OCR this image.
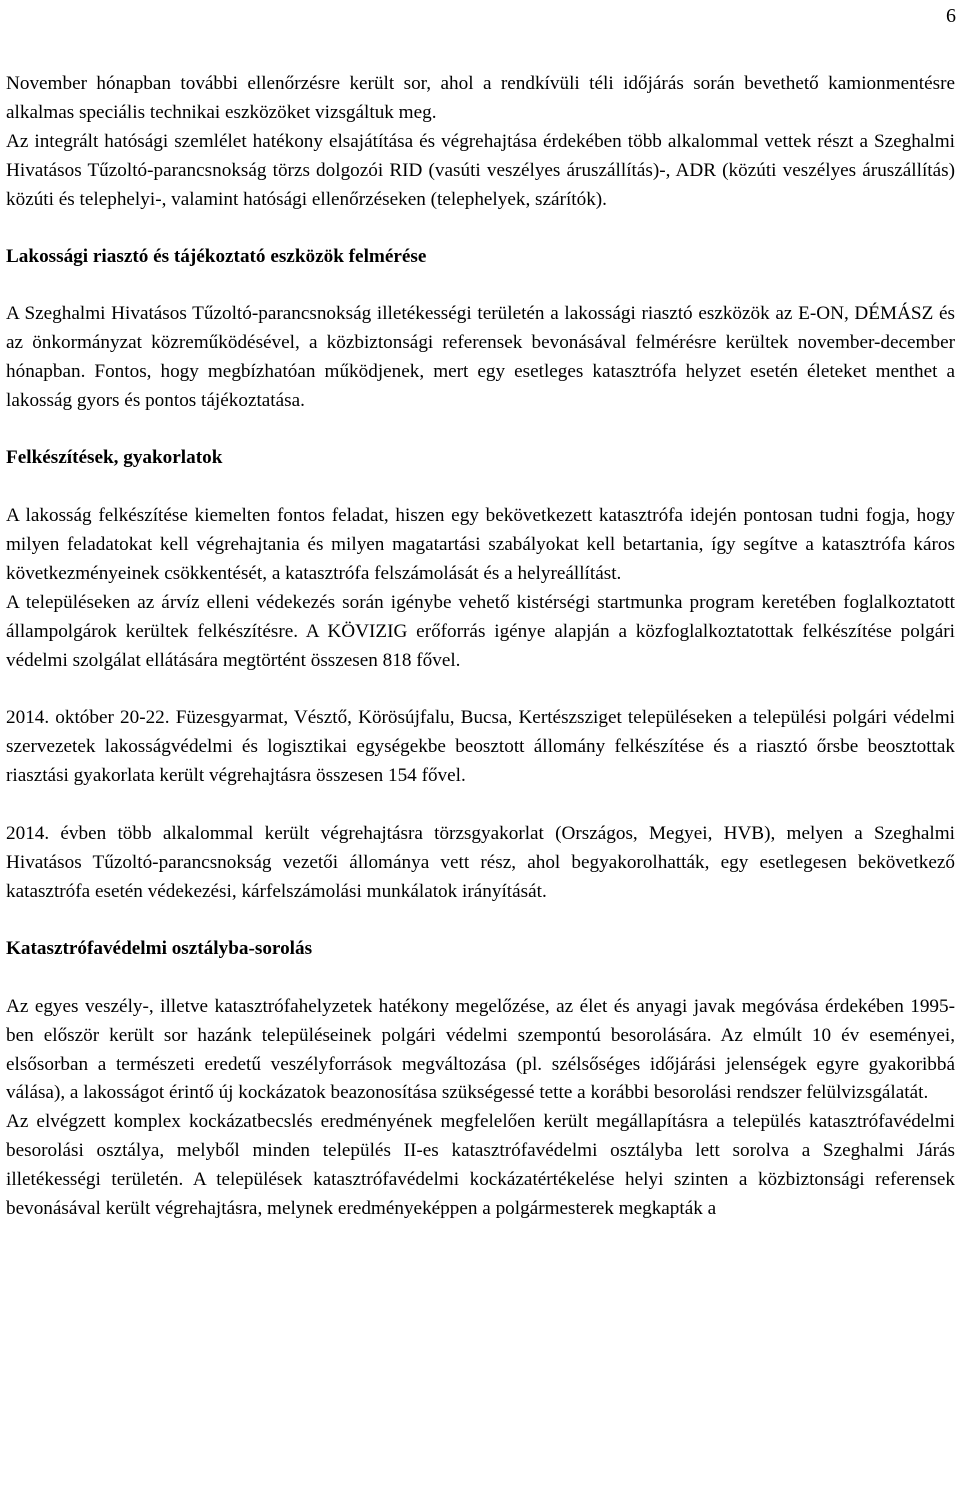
6

November hónapban további ellenőrzésre került sor, ahol a rendkívüli téli időjárás során bevethető kamionmentésre alkalmas speciális technikai eszközöket vizsgáltuk meg.

Az integrált hatósági szemlélet hatékony elsajátítása és végrehajtása érdekében több alkalommal vettek részt a Szeghalmi Hivatásos Tűzoltó-parancsnokság törzs dolgozói RID (vasúti veszélyes áruszállítás)-, ADR (közúti veszélyes áruszállítás) közúti és telephelyi-, valamint hatósági ellenőrzéseken (telephelyek, szárítók).

Lakossági riasztó és tájékoztató eszközök felmérése

A Szeghalmi Hivatásos Tűzoltó-parancsnokság illetékességi területén a lakossági riasztó eszközök az E-ON, DÉMÁSZ és az önkormányzat közreműködésével, a közbiztonsági referensek bevonásával felmérésre kerültek november-december hónapban. Fontos, hogy megbízhatóan működjenek, mert egy esetleges katasztrófa helyzet esetén életeket menthet a lakosság gyors és pontos tájékoztatása.

Felkészítések, gyakorlatok

A lakosság felkészítése kiemelten fontos feladat, hiszen egy bekövetkezett katasztrófa idején pontosan tudni fogja, hogy milyen feladatokat kell végrehajtania és milyen magatartási szabályokat kell betartania, így segítve a katasztrófa káros következményeinek csökkentését, a katasztrófa felszámolását és a helyreállítást.

A településeken az árvíz elleni védekezés során igénybe vehető kistérségi startmunka program keretében foglalkoztatott állampolgárok kerültek felkészítésre. A KÖVIZIG erőforrás igénye alapján a közfoglalkoztatottak felkészítése polgári védelmi szolgálat ellátására megtörtént összesen 818 fővel.

2014. október 20-22. Füzesgyarmat, Vésztő, Körösújfalu, Bucsa, Kertészsziget településeken a települési polgári védelmi szervezetek lakosságvédelmi és logisztikai egységekbe beosztott állomány felkészítése és a riasztó őrsbe beosztottak riasztási gyakorlata került végrehajtásra összesen 154 fővel.

2014. évben több alkalommal került végrehajtásra törzsgyakorlat (Országos, Megyei, HVB), melyen a Szeghalmi Hivatásos Tűzoltó-parancsnokság vezetői állománya vett rész, ahol begyakorolhatták, egy esetlegesen bekövetkező katasztrófa esetén védekezési, kárfelszámolási munkálatok irányítását.

Katasztrófavédelmi osztályba-sorolás

Az egyes veszély-, illetve katasztrófahelyzetek hatékony megelőzése, az élet és anyagi javak megóvása érdekében 1995-ben először került sor hazánk településeinek polgári védelmi szempontú besorolására. Az elmúlt 10 év eseményei, elsősorban a természeti eredetű veszélyforrások megváltozása (pl. szélsőséges időjárási jelenségek egyre gyakoribbá válása), a lakosságot érintő új kockázatok beazonosítása szükségessé tette a korábbi besorolási rendszer felülvizsgálatát.

Az elvégzett komplex kockázatbecslés eredményének megfelelően került megállapításra a település katasztrófavédelmi besorolási osztálya, melyből minden település II-es katasztrófavédelmi osztályba lett sorolva a Szeghalmi Járás illetékességi területén. A települések katasztrófavédelmi kockázatértékelése helyi szinten a közbiztonsági referensek bevonásával került végrehajtásra, melynek eredményeképpen a polgármesterek megkapták a
